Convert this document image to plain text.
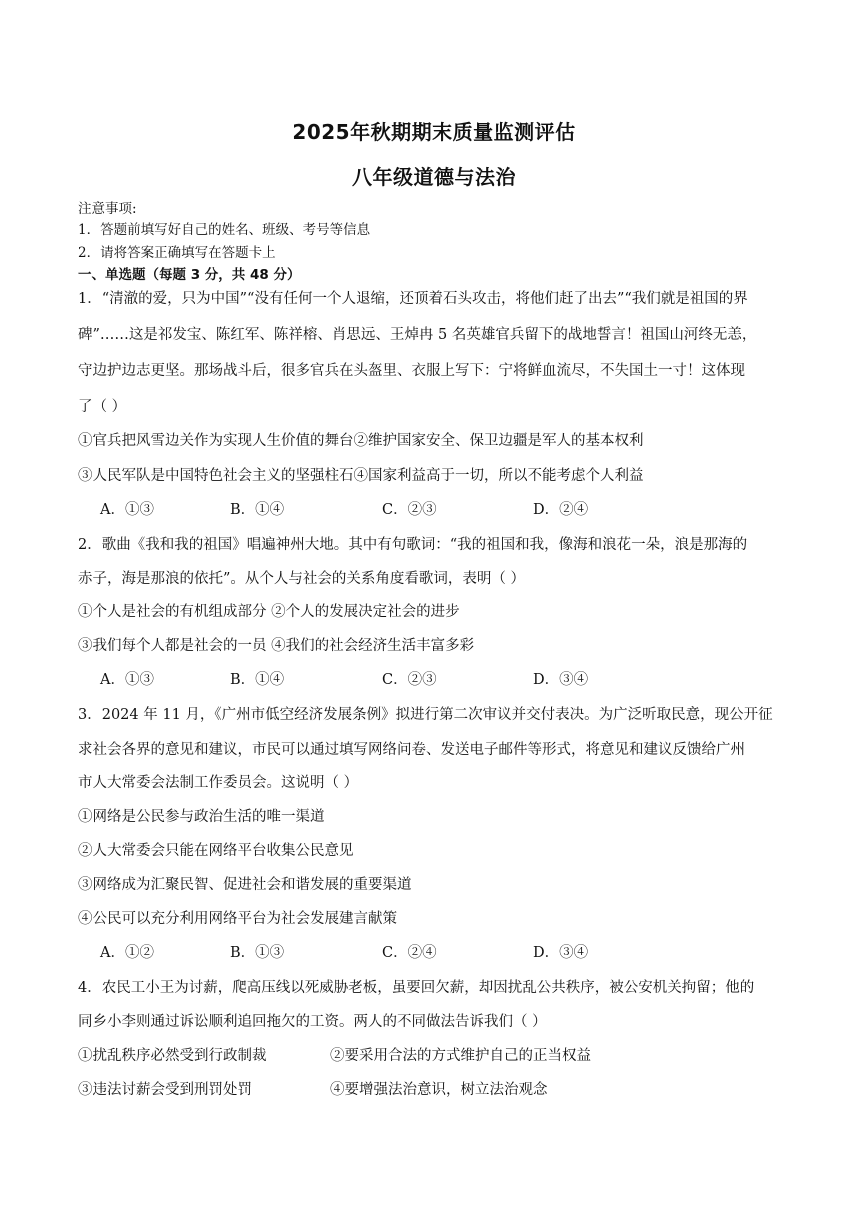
2025年秋期期末质量监测评估
八年级道德与法治
注意事项:
1．答题前填写好自己的姓名、班级、考号等信息
2．请将答案正确填写在答题卡上
一、单选题（每题 3 分，共 48 分）
1．“清澈的爱，只为中国”“没有任何一个人退缩，还顶着石头攻击，将他们赶了出去”“我们就是祖国的界
碑”……这是祁发宝、陈红军、陈祥榕、肖思远、王焯冉 5 名英雄官兵留下的战地誓言！祖国山河终无恙，
守边护边志更坚。那场战斗后，很多官兵在头盔里、衣服上写下：宁将鲜血流尽，不失国土一寸！这体现
了（ ）
①官兵把风雪边关作为实现人生价值的舞台②维护国家安全、保卫边疆是军人的基本权利
③人民军队是中国特色社会主义的坚强柱石④国家利益高于一切，所以不能考虑个人利益
A．①③	B．①④	C．②③	D．②④
2．歌曲《我和我的祖国》唱遍神州大地。其中有句歌词：“我的祖国和我，像海和浪花一朵，浪是那海的
赤子，海是那浪的依托”。从个人与社会的关系角度看歌词，表明（ ）
①个人是社会的有机组成部分 ②个人的发展决定社会的进步
③我们每个人都是社会的一员 ④我们的社会经济生活丰富多彩
A．①③	B．①④	C．②③	D．③④
3．2024 年 11 月，《广州市低空经济发展条例》拟进行第二次审议并交付表决。为广泛听取民意，现公开征
求社会各界的意见和建议，市民可以通过填写网络问卷、发送电子邮件等形式，将意见和建议反馈给广州
市人大常委会法制工作委员会。这说明（ ）
①网络是公民参与政治生活的唯一渠道
②人大常委会只能在网络平台收集公民意见
③网络成为汇聚民智、促进社会和谐发展的重要渠道
④公民可以充分利用网络平台为社会发展建言献策
A．①②	B．①③	C．②④	D．③④
4．农民工小王为讨薪，爬高压线以死威胁老板，虽要回欠薪，却因扰乱公共秩序，被公安机关拘留；他的
同乡小李则通过诉讼顺利追回拖欠的工资。两人的不同做法告诉我们（ ）
①扰乱秩序必然受到行政制裁	②要采用合法的方式维护自己的正当权益
③违法讨薪会受到刑罚处罚	④要增强法治意识，树立法治观念
